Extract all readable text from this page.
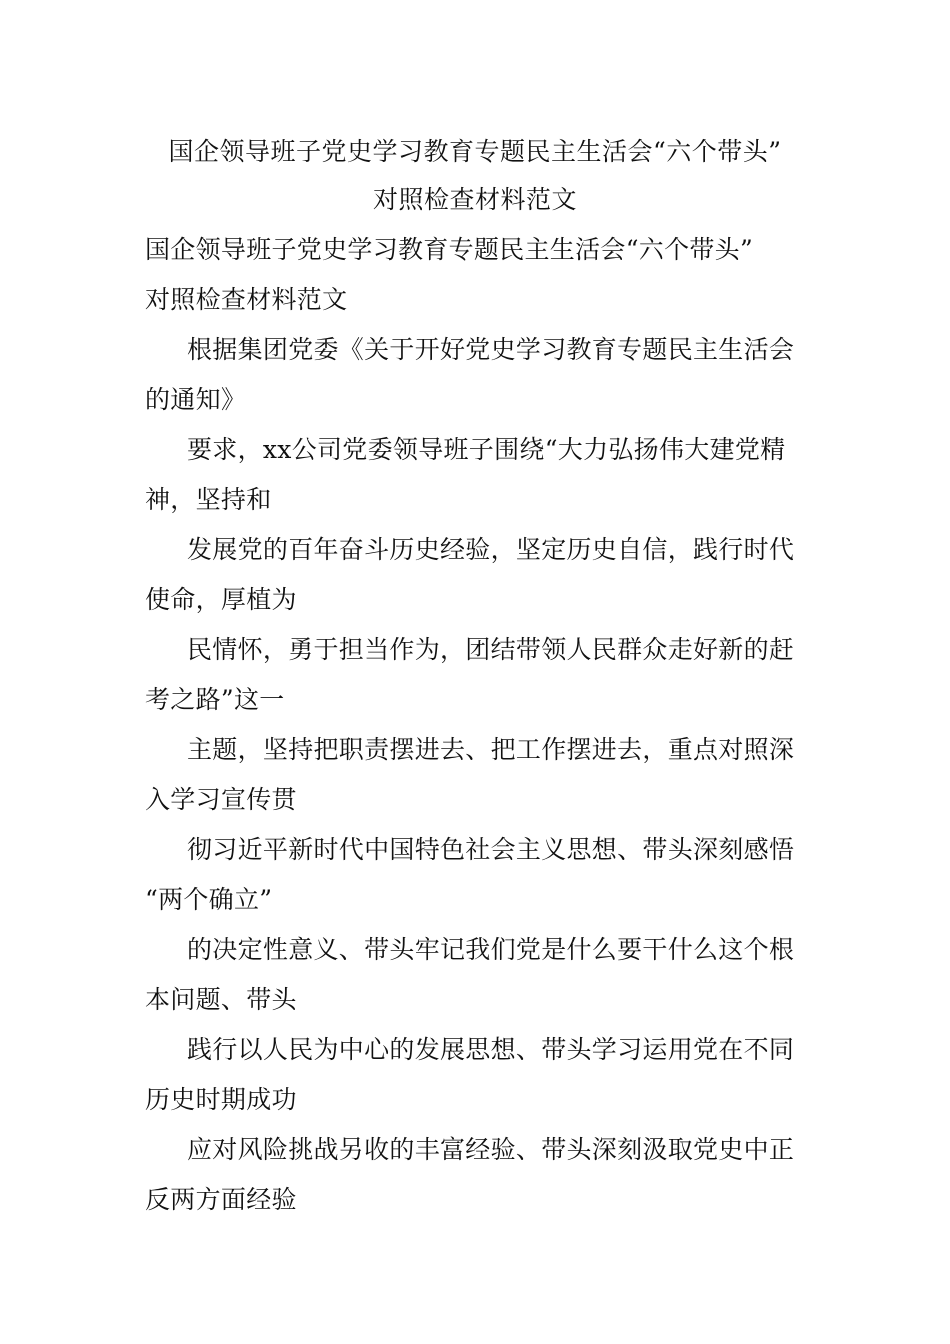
国企领导班子党史学习教育专题民主生活会“六个带头”
对照检查材料范文
国企领导班子党史学习教育专题民主生活会“六个带头”
对照检查材料范文
根据集团党委《关于开好党史学习教育专题民主生活会
的通知》
要求，xx公司党委领导班子围绕“大力弘扬伟大建党精
神，坚持和
发展党的百年奋斗历史经验，坚定历史自信，践行时代
使命，厚植为
民情怀，勇于担当作为，团结带领人民群众走好新的赶
考之路”这一
主题，坚持把职责摆进去、把工作摆进去，重点对照深
入学习宣传贯
彻习近平新时代中国特色社会主义思想、带头深刻感悟
“两个确立”
的决定性意义、带头牢记我们党是什么要干什么这个根
本问题、带头
践行以人民为中心的发展思想、带头学习运用党在不同
历史时期成功
应对风险挑战另收的丰富经验、带头深刻汲取党史中正
反两方面经验
